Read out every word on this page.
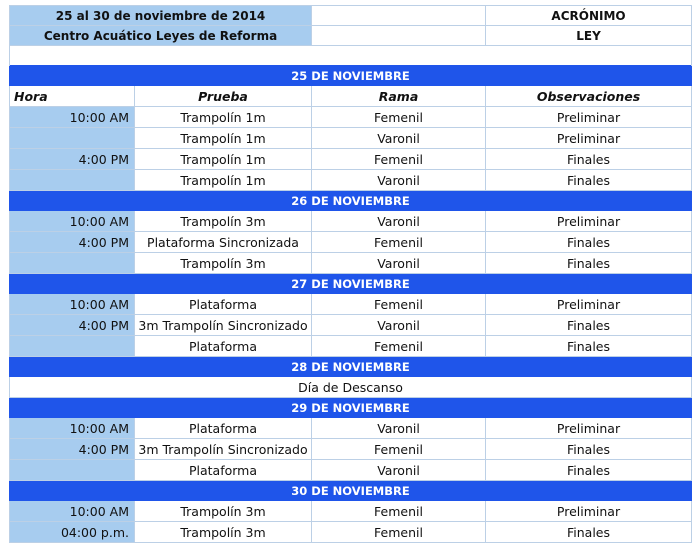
25 al 30 de noviembre de 2014			ACRÓNIMO
Centro Acuático Leyes de Reforma			LEY

25 DE NOVIEMBRE			
Hora	Prueba	Rama	Observaciones
10:00 AM	Trampolín 1m	Femenil	Preliminar
	Trampolín 1m	Varonil	Preliminar
4:00 PM	Trampolín 1m	Femenil	Finales
	Trampolín 1m	Varonil	Finales
26 DE NOVIEMBRE			
10:00 AM	Trampolín 3m	Varonil	Preliminar
4:00 PM	Plataforma Sincronizada	Femenil	Finales
	Trampolín 3m	Varonil	Finales
27 DE NOVIEMBRE			
10:00 AM	Plataforma	Femenil	Preliminar
4:00 PM	3m Trampolín Sincronizado	Varonil	Finales
	Plataforma	Femenil	Finales
28 DE NOVIEMBRE			
Día de Descanso			
29 DE NOVIEMBRE			
10:00 AM	Plataforma	Varonil	Preliminar
4:00 PM	3m Trampolín Sincronizado	Femenil	Finales
	Plataforma	Varonil	Finales
30 DE NOVIEMBRE			
10:00 AM	Trampolín 3m	Femenil	Preliminar
04:00 p.m.	Trampolín 3m	Femenil	Finales
